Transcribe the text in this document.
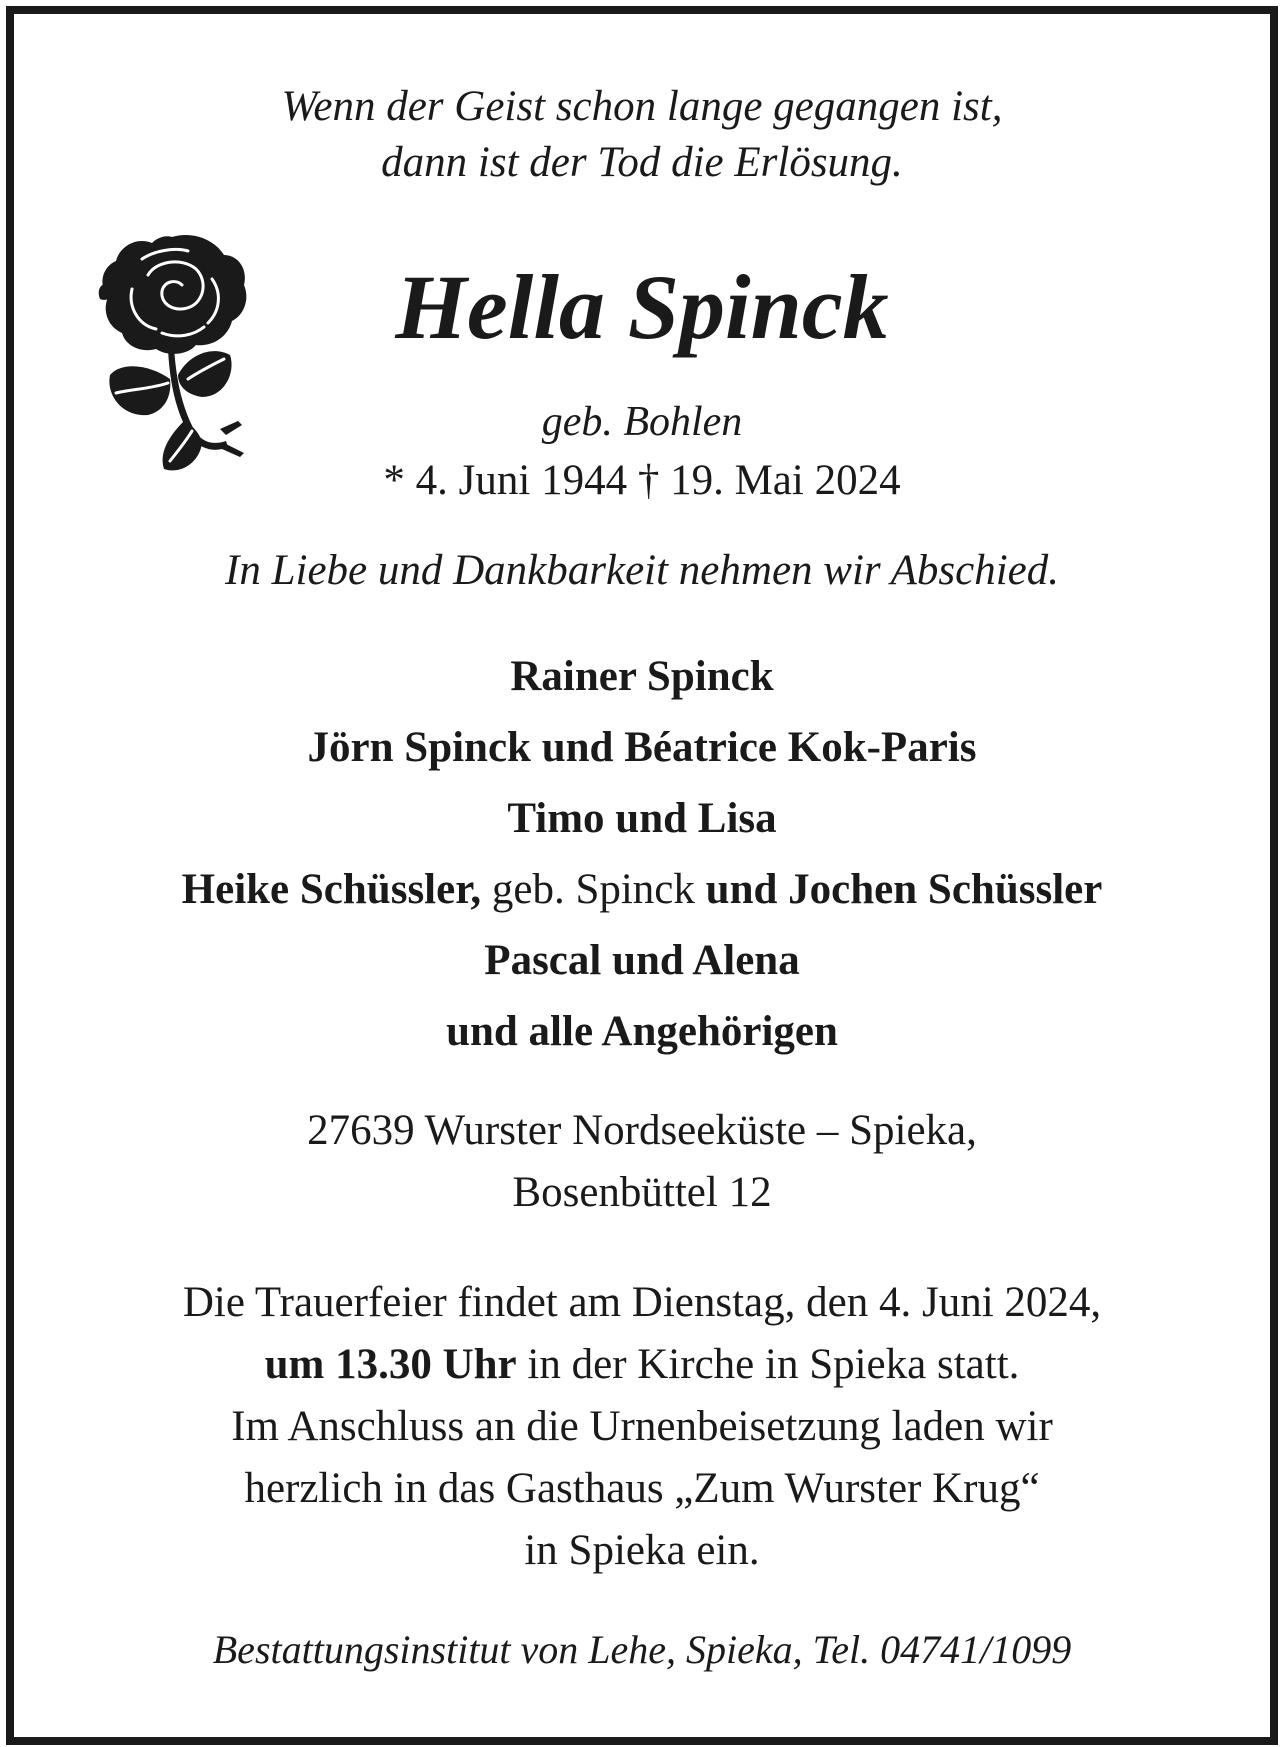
Wenn der Geist schon lange gegangen ist,
dann ist der Tod die Erlösung.
Hella Spinck
geb. Bohlen
* 4. Juni 1944 † 19. Mai 2024
In Liebe und Dankbarkeit nehmen wir Abschied.
Rainer Spinck
Jörn Spinck und Béatrice Kok-Paris
Timo und Lisa
Heike Schüssler, geb. Spinck und Jochen Schüssler
Pascal und Alena
und alle Angehörigen
27639 Wurster Nordseeküste – Spieka,
Bosenbüttel 12
Die Trauerfeier findet am Dienstag, den 4. Juni 2024,
um 13.30 Uhr in der Kirche in Spieka statt.
Im Anschluss an die Urnenbeisetzung laden wir
herzlich in das Gasthaus „Zum Wurster Krug“
in Spieka ein.
Bestattungsinstitut von Lehe, Spieka, Tel. 04741/1099
